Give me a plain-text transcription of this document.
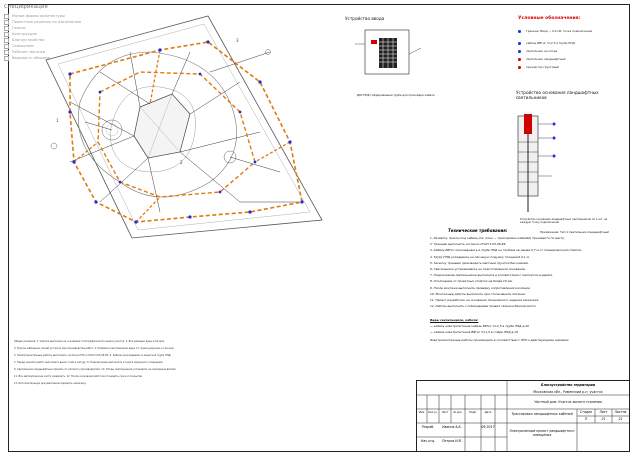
Спецификация
Малые формы архитектуры
Проектные решения по озеленению
Газоны
Конструкции
Благоустройство
Освещение
Рабочие чертежи
Ведомость объемов
1
2
3
Устройство ввода
Д63 ПНД гофрированная труба для прокладки кабеля
Условные обозначения:
Граница: Ввод — 0,4 кВ, точка подключения
кабель ВВГнг 3×2,5 в трубе ПНД
светильник на опоре
светильник ландшафтный
прожектор грунтовый
Устройство основания ландшафтных светильников
Устройство основания ландшафтных светильников по 1 шт. на каждую точку подключения
Примечание: Тип 1 Светильник ландшафтный
Технические требования:
1. Разметку трассы под кабель (см. план — трассировка кабелей) произвести по месту.
2. Траншеи выполнить согласно СНиП 3.05.06-85.
3. Кабель ВВГнг прокладывать в трубе ПНД на глубине не менее 0,7 м от планировочной отметки.
4. Трубу ПНД укладывать на песчаную подушку толщиной 0,1 м.
5. Засыпку траншеи производить местным грунтом без камней.
6. Светильники устанавливать на подготовленное основание.
7. Подключение светильников выполнить в соответствии с паспортом изделия.
8. Отклонение от проектных отметок не более 10 мм.
9. После монтажа выполнить проверку сопротивления изоляции.
10. Монтажные работы выполнять при отключённом питании.
11. Проект разработан на основании технического задания заказчика.
12. Работы выполнять с соблюдением правил техники безопасности.
Виды светильников, кабели:
— кабель электропитания кабель ВВГнг 3×2,5 в трубе ПНД д.20
— кабель электропитания ВВГнг 3×1,5 в гофре ПНД д.16
Электромонтажные работы производить в соответствии с ПУЭ и действующими нормами.
Общие указания: 1. Чертеж выполнен на основании топографической съемки участка. 2. Все размеры даны в метрах.
3. Трассы кабельных линий уточнить при производстве работ. 4. Привязки светильников даны от границ дорожек и газонов.
5. Электромонтажные работы выполнять согласно ПУЭ и СНиП 3.05.06-85. 6. Кабель прокладывать в защитной трубе ПНД.
7. Перед началом работ выполнить вынос осей в натуру. 8. Подключение выполнить от щита наружного освещения.
9. Светильники ландшафтные принять по каталогу производителя. 10. Опоры светильников установить на закладные детали.
11. Все металлические части заземлить. 12. После окончания работ восстановить газон и покрытия.
13. Исполнительную документацию передать заказчику.	Благоустройство территории
Московская обл., Раменский р-н, участок
Частный дом. Участок жилого строения
Трассировка ландшафтных кабелей
Электрический проект ландшафтного освещения
Стадия	Лист	Листов
П	21	21
Изм.	Кол.уч.	Лист	№ док.	Подп.	Дата
Разраб.	Иванов А.Б.	09.2017
Нач.отд.	Петров И.В.
